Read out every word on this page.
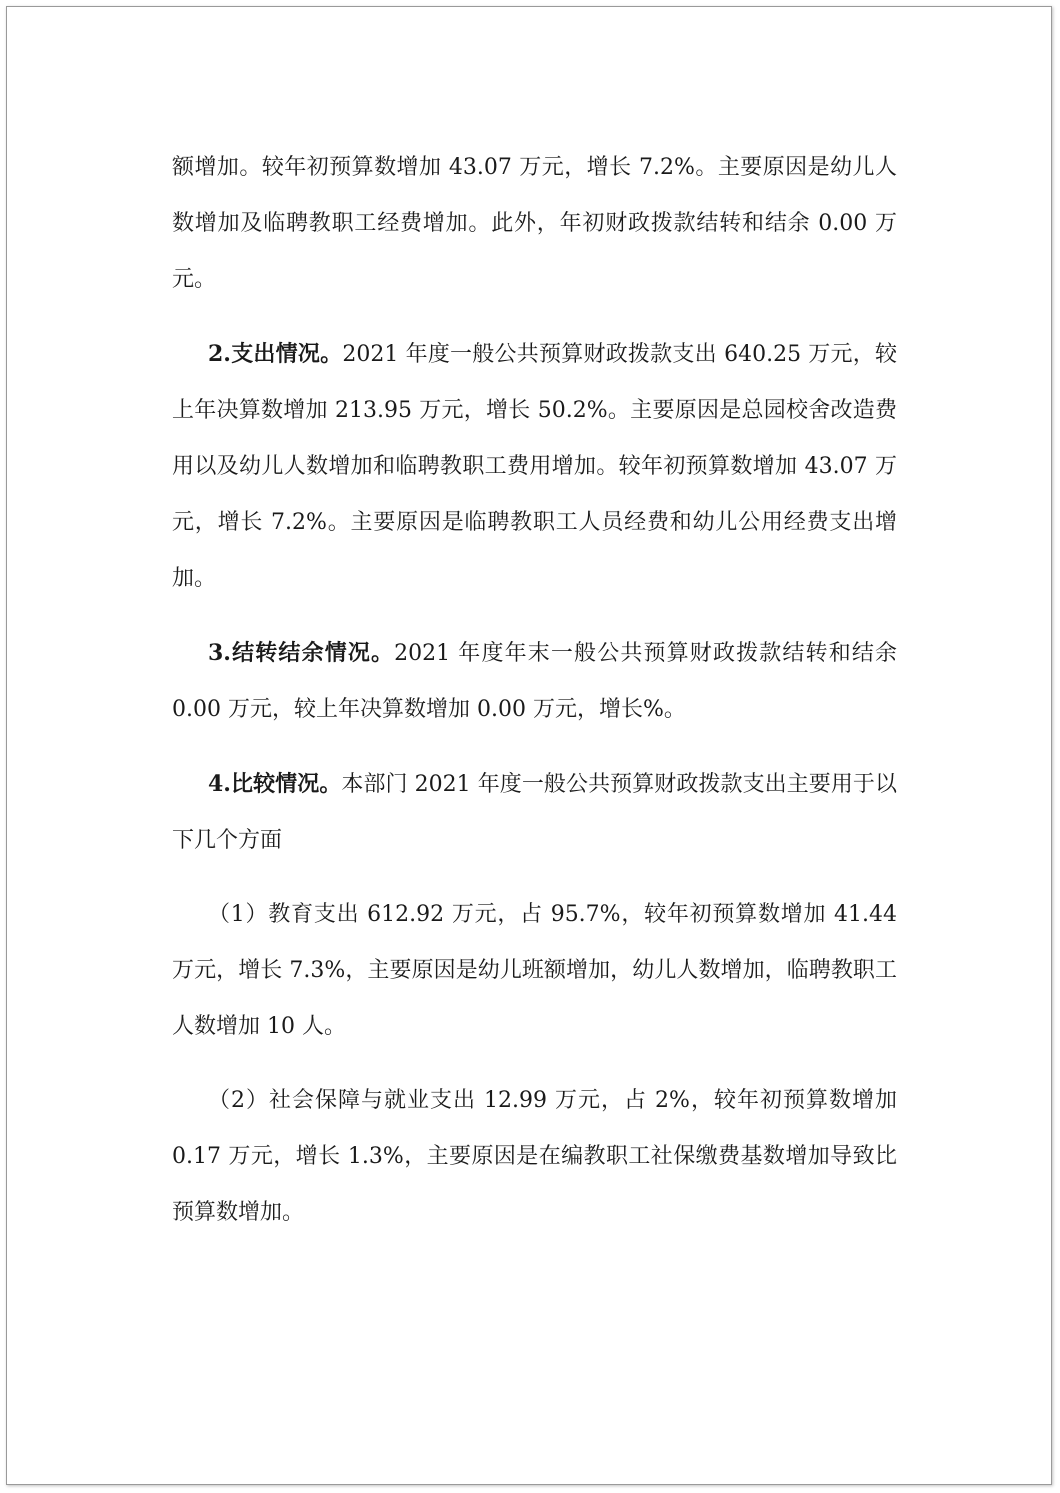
额增加。较年初预算数增加 43.07 万元，增长 7.2%。主要原因是幼儿人数增加及临聘教职工经费增加。此外，年初财政拨款结转和结余 0.00 万元。

2.支出情况。2021 年度一般公共预算财政拨款支出 640.25 万元，较上年决算数增加 213.95 万元，增长 50.2%。主要原因是总园校舍改造费用以及幼儿人数增加和临聘教职工费用增加。较年初预算数增加 43.07 万元，增长 7.2%。主要原因是临聘教职工人员经费和幼儿公用经费支出增加。

3.结转结余情况。2021 年度年末一般公共预算财政拨款结转和结余 0.00 万元，较上年决算数增加 0.00 万元，增长%。

4.比较情况。本部门 2021 年度一般公共预算财政拨款支出主要用于以下几个方面

（1）教育支出 612.92 万元，占 95.7%，较年初预算数增加 41.44 万元，增长 7.3%，主要原因是幼儿班额增加，幼儿人数增加，临聘教职工人数增加 10 人。

（2）社会保障与就业支出 12.99 万元，占 2%，较年初预算数增加 0.17 万元，增长 1.3%，主要原因是在编教职工社保缴费基数增加导致比预算数增加。
